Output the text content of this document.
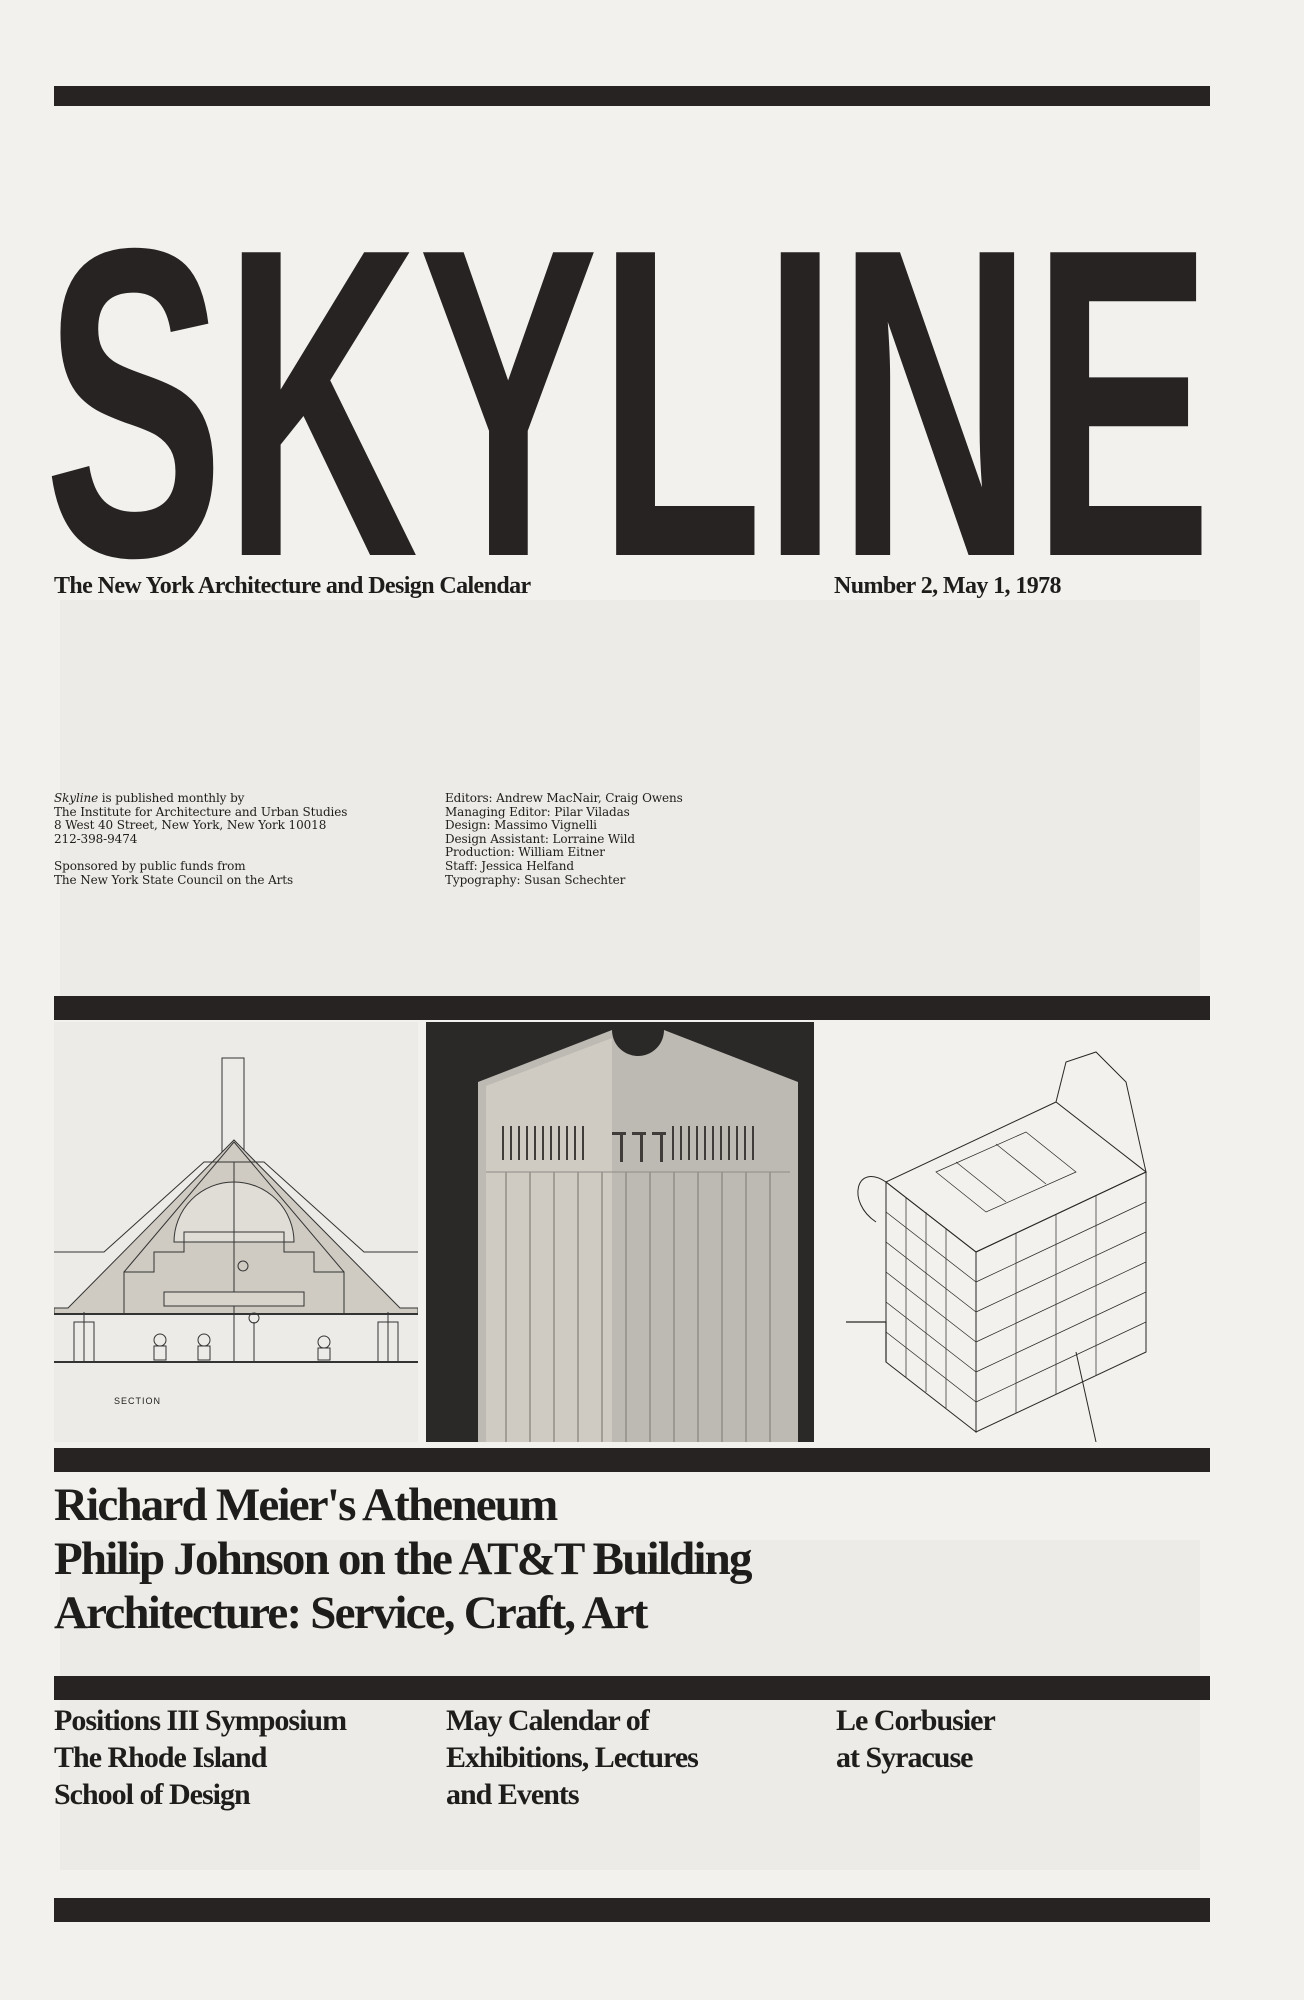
SKYLINE
The New York Architecture and Design Calendar	Number 2, May 1, 1978

Skyline is published monthly by

The Institute for Architecture and Urban Studies

8 West 40 Street, New York, New York 10018

212-398-9474

Sponsored by public funds from

The New York State Council on the Arts

Editors: Andrew MacNair, Craig Owens

Managing Editor: Pilar Viladas

Design: Massimo Vignelli

Design Assistant: Lorraine Wild

Production: William Eitner

Staff: Jessica Helfand

Typography: Susan Schechter

SECTION
Richard Meier's Atheneum
Philip Johnson on the AT&T Building
Architecture: Service, Craft, Art
Positions III Symposium
The Rhode Island
School of Design
May Calendar of
Exhibitions, Lectures
and Events
Le Corbusier
at Syracuse
